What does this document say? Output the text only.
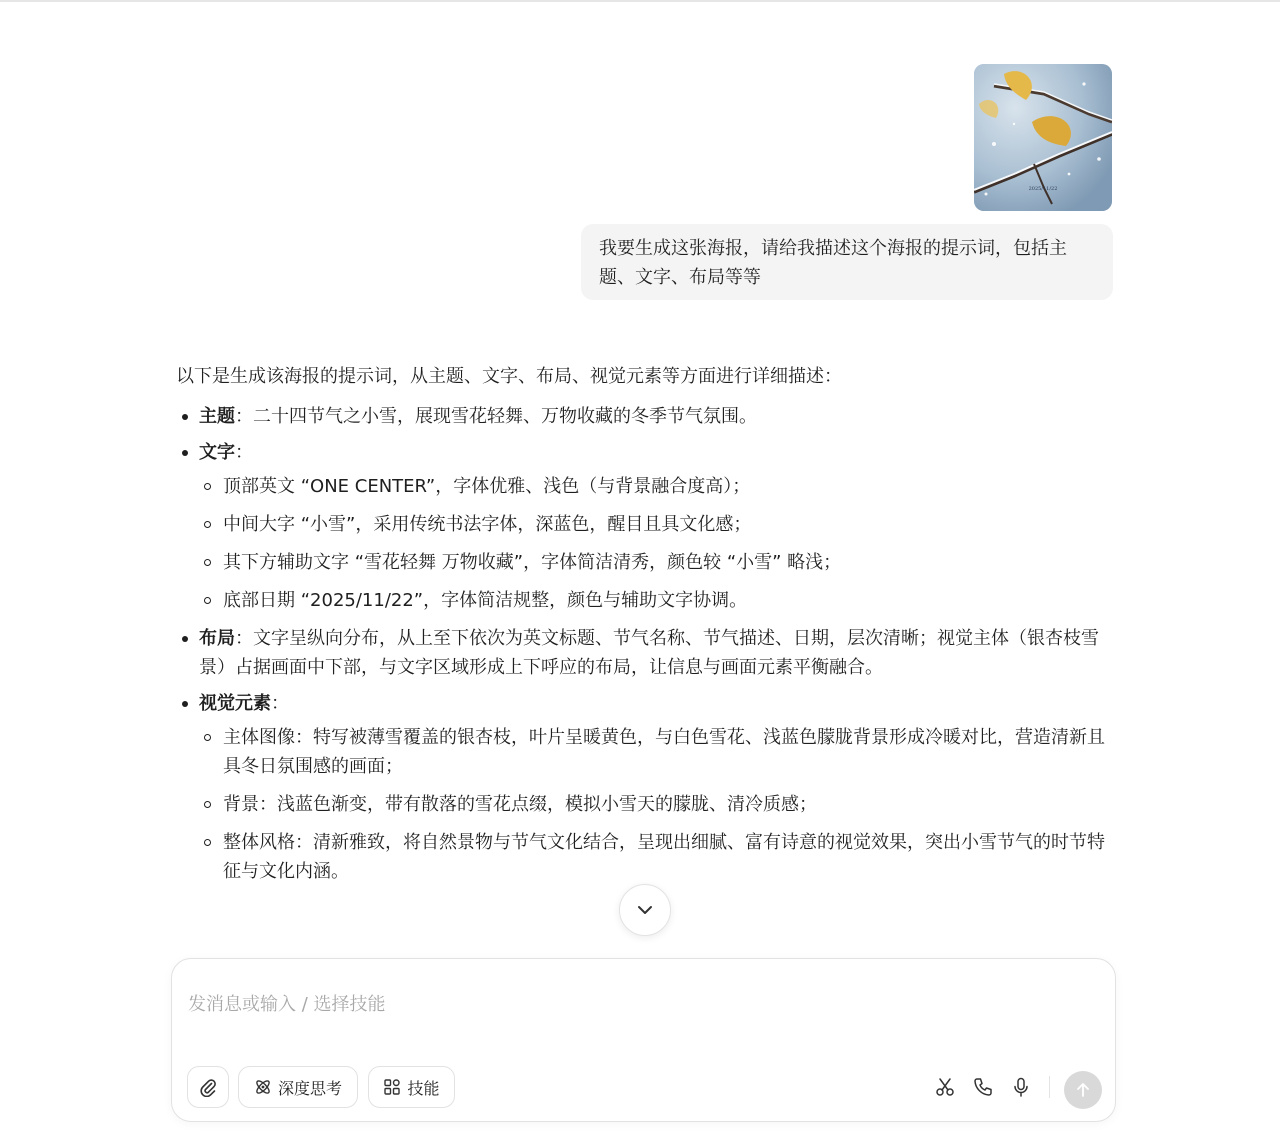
2025/11/22
我要生成这张海报，请给我描述这个海报的提示词，包括主题、文字、布局等等

以下是生成该海报的提示词，从主题、文字、布局、视觉元素等方面进行详细描述：

主题：二十四节气之小雪，展现雪花轻舞、万物收藏的冬季节气氛围。
文字：
顶部英文 “ONE CENTER”，字体优雅、浅色（与背景融合度高）；
中间大字 “小雪”，采用传统书法字体，深蓝色，醒目且具文化感；
其下方辅助文字 “雪花轻舞 万物收藏”，字体简洁清秀，颜色较 “小雪” 略浅；
底部日期 “2025/11/22”，字体简洁规整，颜色与辅助文字协调。
布局：文字呈纵向分布，从上至下依次为英文标题、节气名称、节气描述、日期，层次清晰；视觉主体（银杏枝雪景）占据画面中下部，与文字区域形成上下呼应的布局，让信息与画面元素平衡融合。
视觉元素：
主体图像：特写被薄雪覆盖的银杏枝，叶片呈暖黄色，与白色雪花、浅蓝色朦胧背景形成冷暖对比，营造清新且具冬日氛围感的画面；
背景：浅蓝色渐变，带有散落的雪花点缀，模拟小雪天的朦胧、清冷质感；
整体风格：清新雅致，将自然景物与节气文化结合，呈现出细腻、富有诗意的视觉效果，突出小雪节气的时节特征与文化内涵。
发消息或输入 / 选择技能
深度思考	技能
